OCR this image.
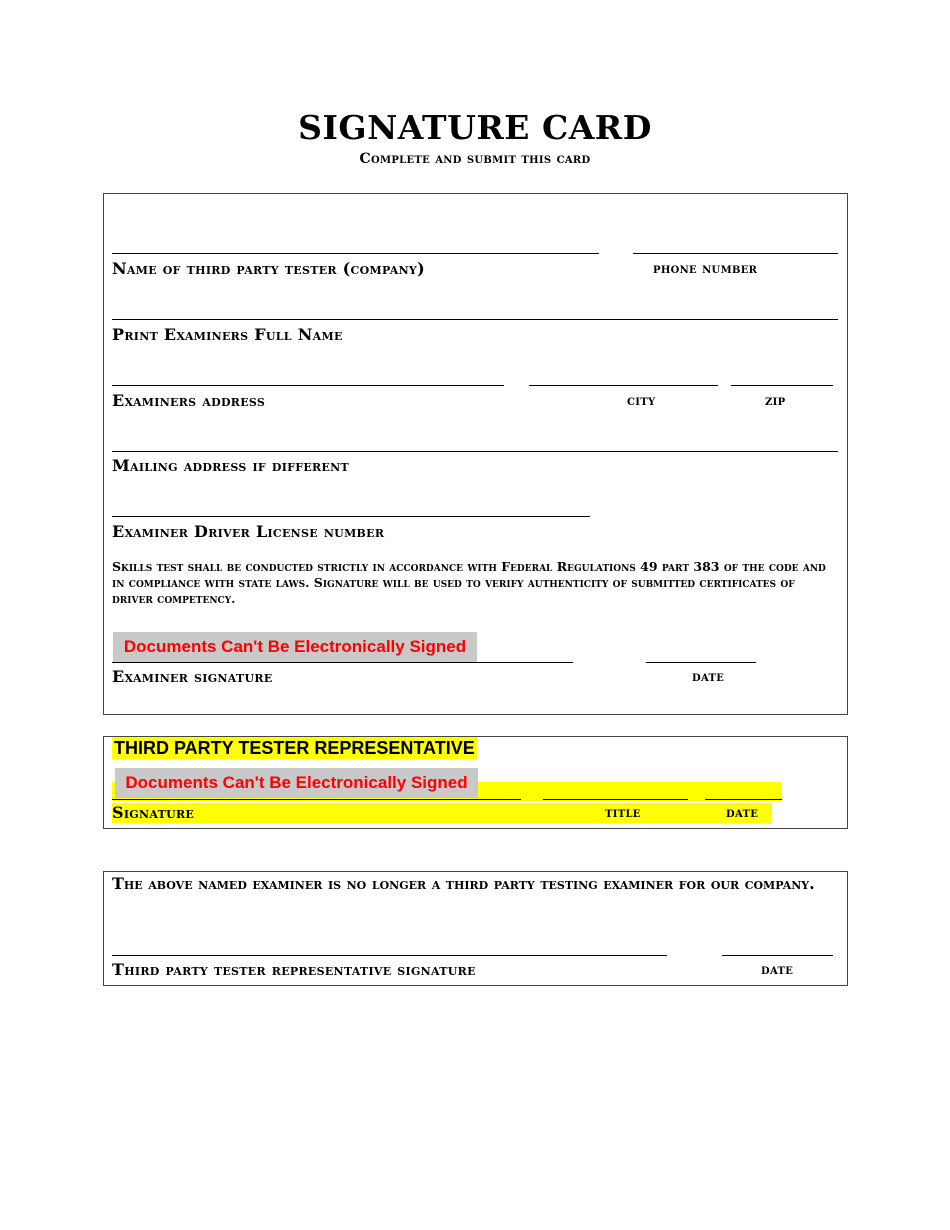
SIGNATURE CARD
Complete and submit this card
Name of third party tester (company)	phone number
Print Examiners Full Name
Examiners address	city	zip
Mailing address if different
Examiner Driver License number
Skills test shall be conducted strictly in accordance with Federal Regulations 49 part 383 of the code and in compliance with state laws. Signature will be used to verify authenticity of submitted certificates of driver competency.
Documents Can't Be Electronically Signed
Examiner signature	date
THIRD PARTY TESTER REPRESENTATIVE
Documents Can't Be Electronically Signed
Signature	title	date
The above named examiner is no longer a third party testing examiner for our company.
Third party tester representative signature	date
